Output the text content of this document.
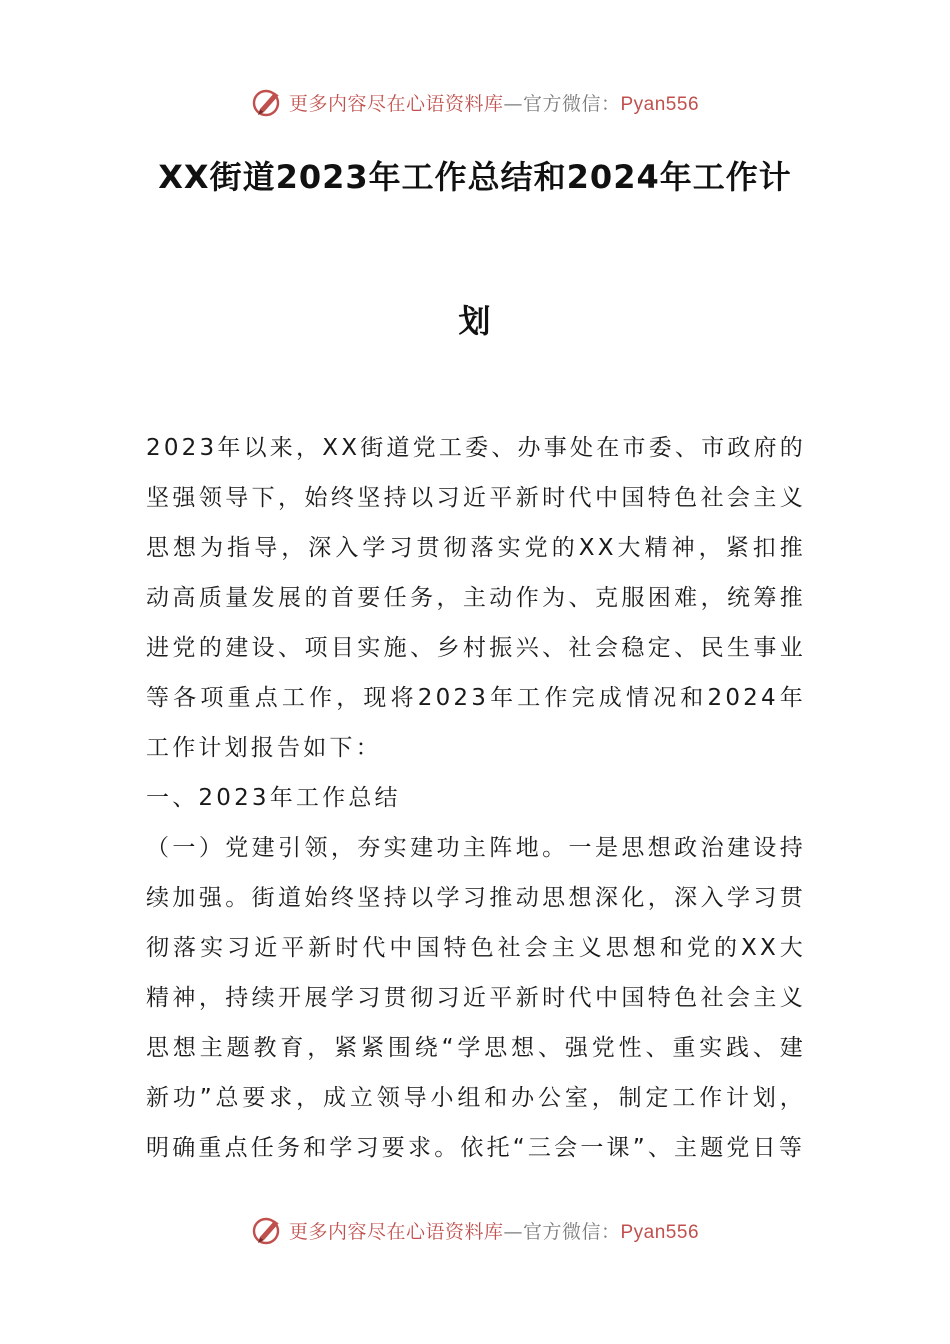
更多内容尽在心语资料库—官方微信：Pyan556
XX街道2023年工作总结和2024年工作计
划

2023年以来，XX街道党工委、办事处在市委、市政府的坚强领导下，始终坚持以习近平新时代中国特色社会主义思想为指导，深入学习贯彻落实党的XX大精神，紧扣推动高质量发展的首要任务，主动作为、克服困难，统筹推进党的建设、项目实施、乡村振兴、社会稳定、民生事业等各项重点工作，现将2023年工作完成情况和2024年工作计划报告如下：

一、2023年工作总结

（一）党建引领，夯实建功主阵地。一是思想政治建设持续加强。街道始终坚持以学习推动思想深化，深入学习贯彻落实习近平新时代中国特色社会主义思想和党的XX大精神，持续开展学习贯彻习近平新时代中国特色社会主义思想主题教育，紧紧围绕“学思想、强党性、重实践、建新功”总要求，成立领导小组和办公室，制定工作计划，明确重点任务和学习要求。依托“三会一课”、主题党日等

更多内容尽在心语资料库—官方微信：Pyan556
